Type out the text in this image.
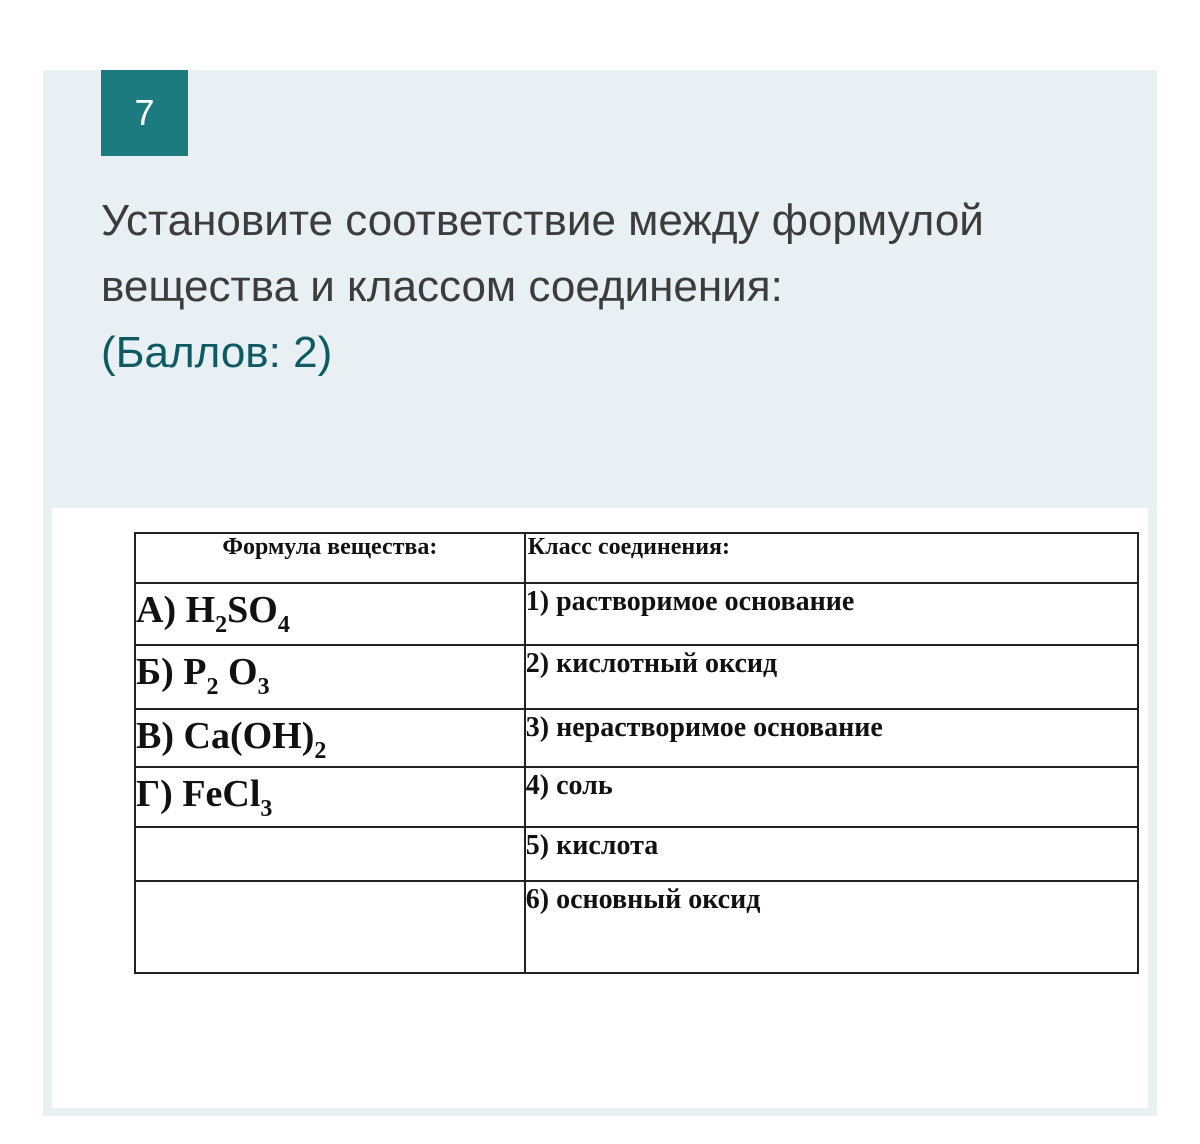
7
Установите соответствие между формулой вещества и классом соединения:
(Баллов: 2)
Формула вещества:	Класс соединения:
А) $H_2SO_4$	1) растворимое основание
Б) $P_2$ $O_3$	2) кислотный оксид
В) $Ca(OH)_2$	3) нерастворимое основание
Г) FeCl$_3$	4) соль
	5) кислота
	6) основный оксид
